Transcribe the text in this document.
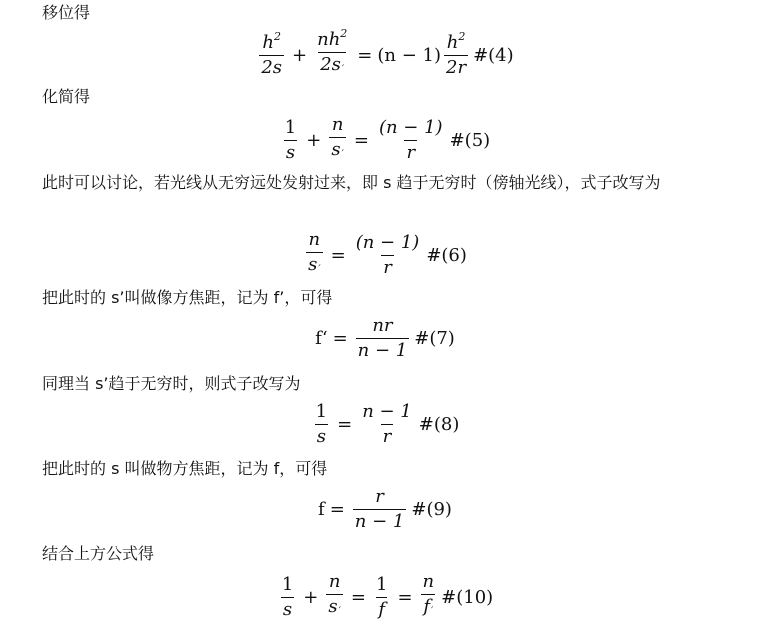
移位得
$\frac{h^2}{2s} + \frac{nh^2}{2s'} = (n - 1) \frac{h^2}{2r}$ #(4)
化简得
$\frac{1}{s} + \frac{n}{s'} = \frac{(n - 1)}{r}$ #(5)
此时可以讨论，若光线从无穷远处发射过来，即 s 趋于无穷时（傍轴光线），式子改写为
$\frac{n}{s'} = \frac{(n - 1)}{r}$ #(6)
把此时的 s’叫做像方焦距，记为 f’，可得
f‘ = $\frac{nr}{n - 1}$ #(7)
同理当 s’趋于无穷时，则式子改写为
$\frac{1}{s} = \frac{n - 1}{r}$ #(8)
把此时的 s 叫做物方焦距，记为 f，可得
$f = \frac{r}{n - 1}$ #(9)
结合上方公式得
$\frac{1}{s} + \frac{n}{s'} = \frac{1}{f} = \frac{n}{f'}$ #(10)
